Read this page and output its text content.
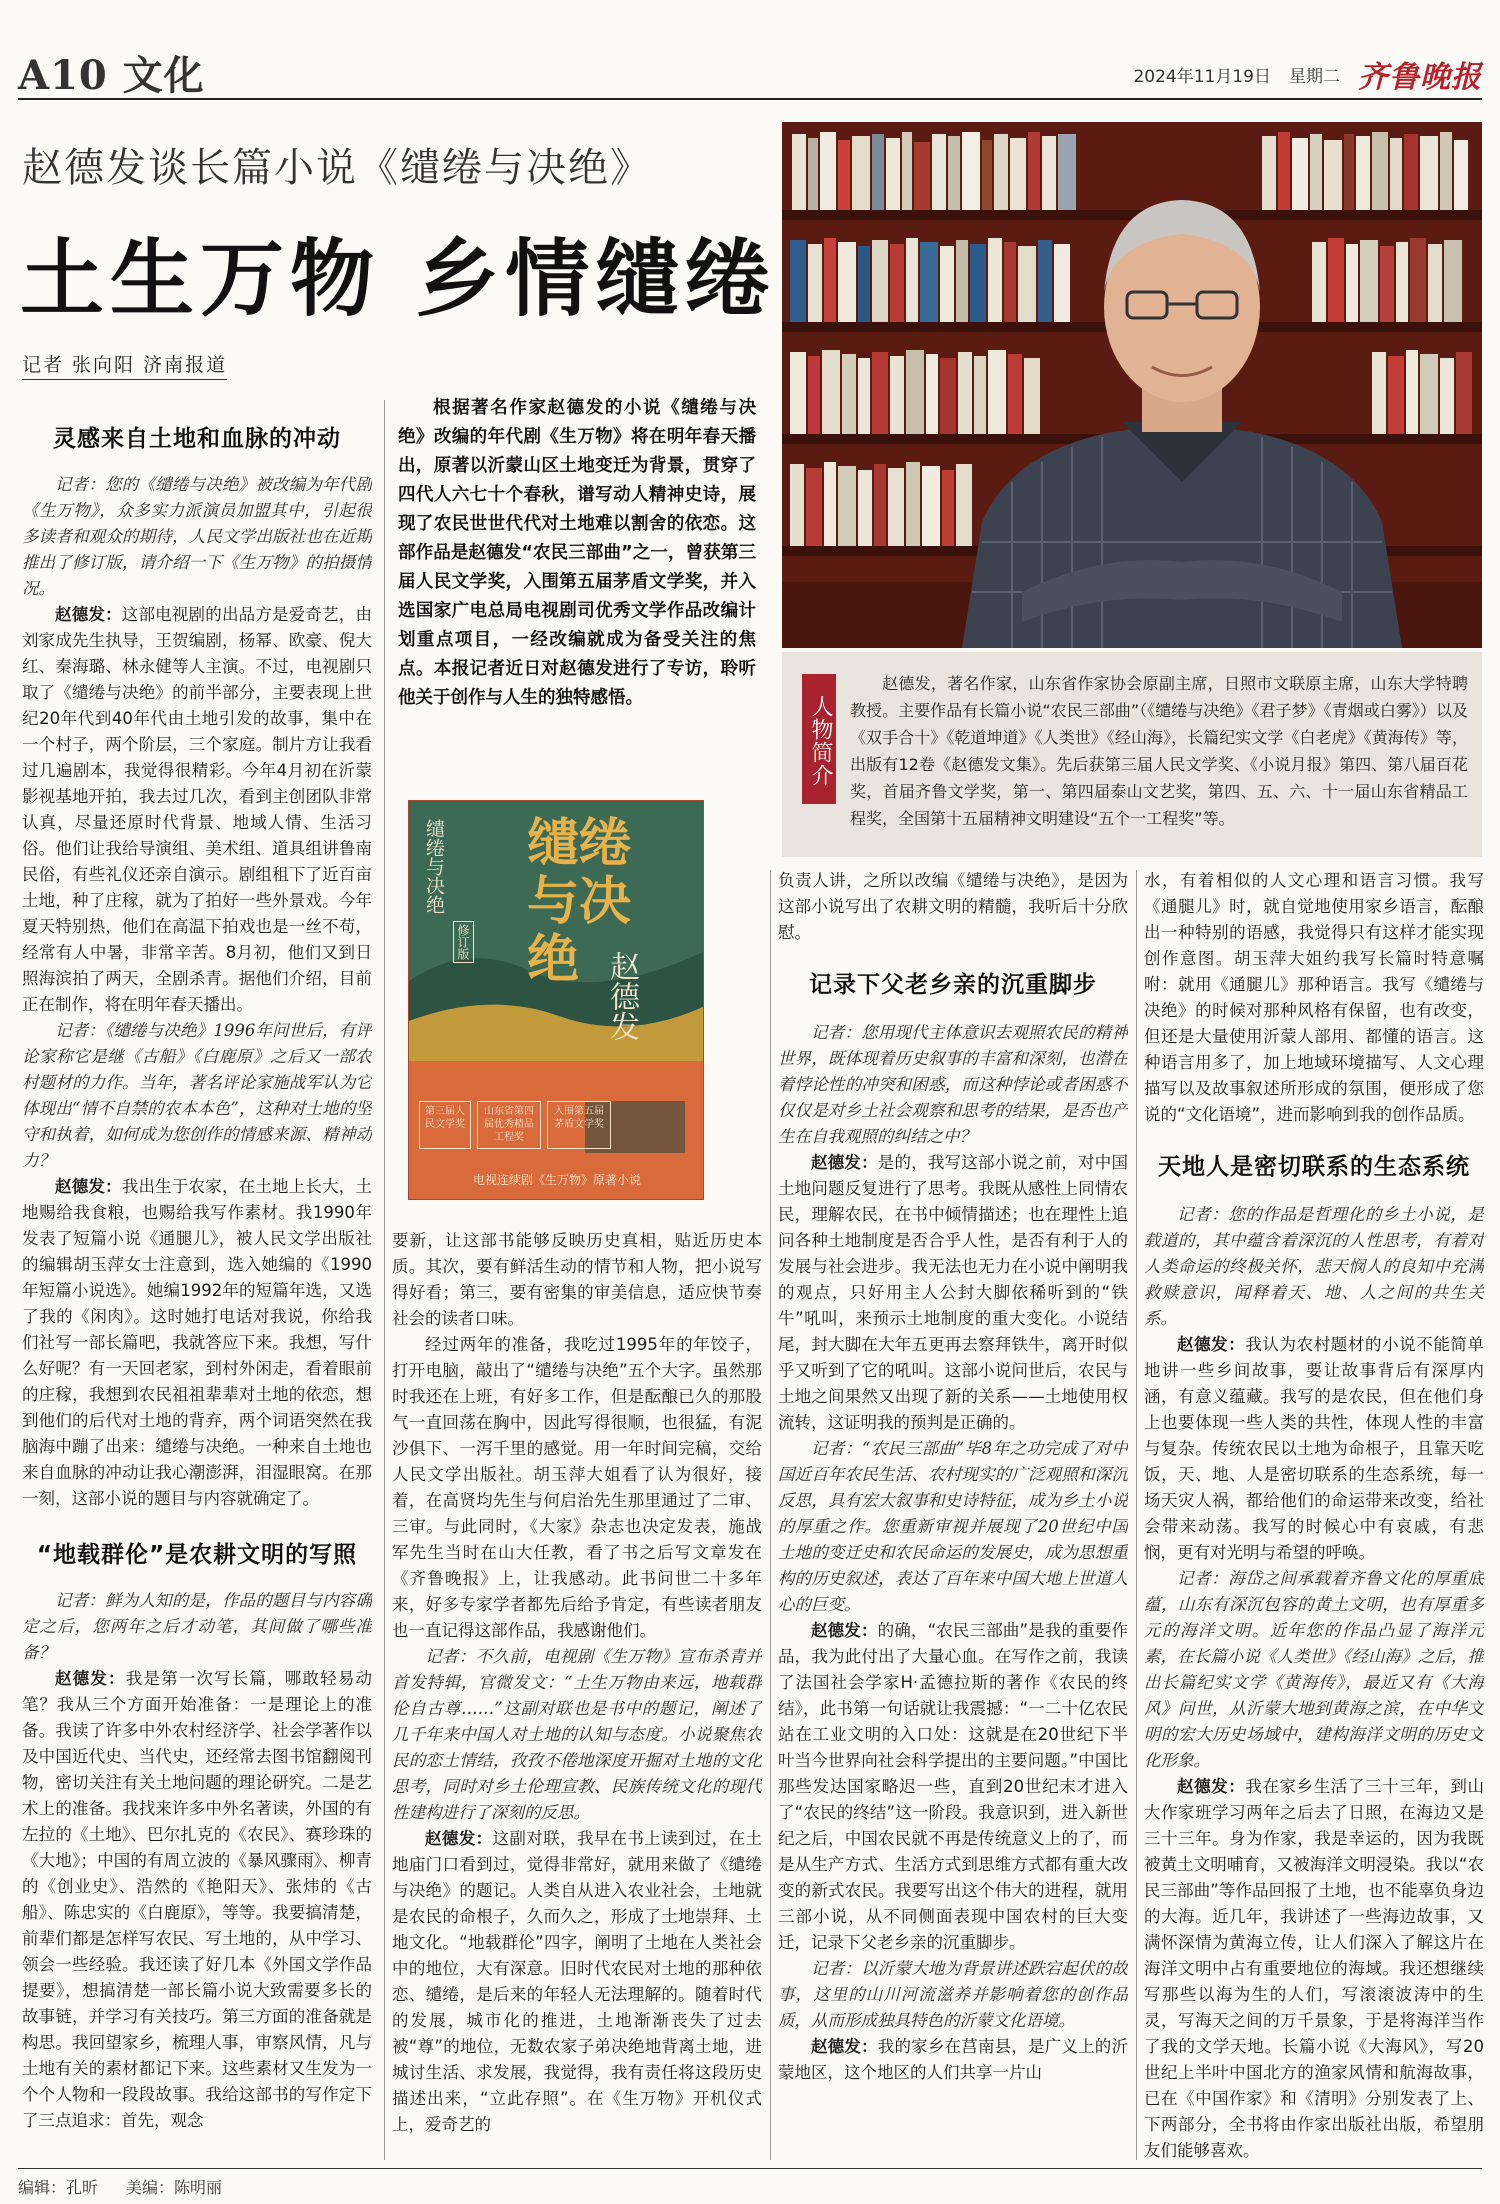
A10 文化	2024年11月19日 星期二 齐鲁晚报
赵德发谈长篇小说《缱绻与决绝》
土生万物 乡情缱绻
记者 张向阳 济南报道
人物简介
赵德发，著名作家，山东省作家协会原副主席，日照市文联原主席，山东大学特聘教授。主要作品有长篇小说“农民三部曲”（《缱绻与决绝》《君子梦》《青烟或白雾》）以及《双手合十》《乾道坤道》《人类世》《经山海》，长篇纪实文学《白老虎》《黄海传》等，出版有12卷《赵德发文集》。先后获第三届人民文学奖、《小说月报》第四、第八届百花奖，首届齐鲁文学奖，第一、第四届泰山文艺奖，第四、五、六、十一届山东省精品工程奖，全国第十五届精神文明建设“五个一工程奖”等。
灵感来自土地和血脉的冲动

记者：您的《缱绻与决绝》被改编为年代剧《生万物》，众多实力派演员加盟其中，引起很多读者和观众的期待，人民文学出版社也在近期推出了修订版，请介绍一下《生万物》的拍摄情况。

赵德发：这部电视剧的出品方是爱奇艺，由刘家成先生执导，王贺编剧，杨幂、欧豪、倪大红、秦海璐、林永健等人主演。不过，电视剧只取了《缱绻与决绝》的前半部分，主要表现上世纪20年代到40年代由土地引发的故事，集中在一个村子，两个阶层，三个家庭。制片方让我看过几遍剧本，我觉得很精彩。今年4月初在沂蒙影视基地开拍，我去过几次，看到主创团队非常认真，尽量还原时代背景、地域人情、生活习俗。他们让我给导演组、美术组、道具组讲鲁南民俗，有些礼仪还亲自演示。剧组租下了近百亩土地，种了庄稼，就为了拍好一些外景戏。今年夏天特别热，他们在高温下拍戏也是一丝不苟，经常有人中暑，非常辛苦。8月初，他们又到日照海滨拍了两天，全剧杀青。据他们介绍，目前正在制作，将在明年春天播出。

记者：《缱绻与决绝》1996年问世后，有评论家称它是继《古船》《白鹿原》之后又一部农村题材的力作。当年，著名评论家施战军认为它体现出“情不自禁的农本本色”，这种对土地的坚守和执着，如何成为您创作的情感来源、精神动力？

赵德发：我出生于农家，在土地上长大，土地赐给我食粮，也赐给我写作素材。我1990年发表了短篇小说《通腿儿》，被人民文学出版社的编辑胡玉萍女士注意到，选入她编的《1990年短篇小说选》。她编1992年的短篇年选，又选了我的《闲肉》。这时她打电话对我说，你给我们社写一部长篇吧，我就答应下来。我想，写什么好呢？有一天回老家，到村外闲走，看着眼前的庄稼，我想到农民祖祖辈辈对土地的依恋，想到他们的后代对土地的背弃，两个词语突然在我脑海中蹦了出来：缱绻与决绝。一种来自土地也来自血脉的冲动让我心潮澎湃，泪湿眼窝。在那一刻，这部小说的题目与内容就确定了。

“地载群伦”是农耕文明的写照

记者：鲜为人知的是，作品的题目与内容确定之后，您两年之后才动笔，其间做了哪些准备？

赵德发：我是第一次写长篇，哪敢轻易动笔？我从三个方面开始准备：一是理论上的准备。我读了许多中外农村经济学、社会学著作以及中国近代史、当代史，还经常去图书馆翻阅刊物，密切关注有关土地问题的理论研究。二是艺术上的准备。我找来许多中外名著读，外国的有左拉的《土地》、巴尔扎克的《农民》、赛珍珠的《大地》；中国的有周立波的《暴风骤雨》、柳青的《创业史》、浩然的《艳阳天》、张炜的《古船》、陈忠实的《白鹿原》，等等。我要搞清楚，前辈们都是怎样写农民、写土地的，从中学习、领会一些经验。我还读了好几本《外国文学作品提要》，想搞清楚一部长篇小说大致需要多长的故事链，并学习有关技巧。第三方面的准备就是构思。我回望家乡，梳理人事，审察风情，凡与土地有关的素材都记下来。这些素材又生发为一个个人物和一段段故事。我给这部书的写作定下了三点追求：首先，观念

根据著名作家赵德发的小说《缱绻与决绝》改编的年代剧《生万物》将在明年春天播出，原著以沂蒙山区土地变迁为背景，贯穿了四代人六七十个春秋，谱写动人精神史诗，展现了农民世世代代对土地难以割舍的依恋。这部作品是赵德发“农民三部曲”之一，曾获第三届人民文学奖，入围第五届茅盾文学奖，并入选国家广电总局电视剧司优秀文学作品改编计划重点项目，一经改编就成为备受关注的焦点。本报记者近日对赵德发进行了专访，聆听他关于创作与人生的独特感悟。
缱绻与决绝
缱绻与决绝
修订版
赵德发
第三届人民文学奖
山东省第四届优秀精品工程奖
入围第五届茅盾文学奖
电视连续剧《生万物》原著小说

要新，让这部书能够反映历史真相，贴近历史本质。其次，要有鲜活生动的情节和人物，把小说写得好看；第三，要有密集的审美信息，适应快节奏社会的读者口味。

经过两年的准备，我吃过1995年的年饺子，打开电脑，敲出了“缱绻与决绝”五个大字。虽然那时我还在上班，有好多工作，但是酝酿已久的那股气一直回荡在胸中，因此写得很顺，也很猛，有泥沙俱下、一泻千里的感觉。用一年时间完稿，交给人民文学出版社。胡玉萍大姐看了认为很好，接着，在高贤均先生与何启治先生那里通过了二审、三审。与此同时，《大家》杂志也决定发表，施战军先生当时在山大任教，看了书之后写文章发在《齐鲁晚报》上，让我感动。此书问世二十多年来，好多专家学者都先后给予肯定，有些读者朋友也一直记得这部作品，我感谢他们。

记者：不久前，电视剧《生万物》宣布杀青并首发特辑，官微发文：“土生万物由来远，地载群伦自古尊……”这副对联也是书中的题记，阐述了几千年来中国人对土地的认知与态度。小说聚焦农民的恋土情结，孜孜不倦地深度开掘对土地的文化思考，同时对乡土伦理宣教、民族传统文化的现代性建构进行了深刻的反思。

赵德发：这副对联，我早在书上读到过，在土地庙门口看到过，觉得非常好，就用来做了《缱绻与决绝》的题记。人类自从进入农业社会，土地就是农民的命根子，久而久之，形成了土地崇拜、土地文化。“地载群伦”四字，阐明了土地在人类社会中的地位，大有深意。旧时代农民对土地的那种依恋、缱绻，是后来的年轻人无法理解的。随着时代的发展，城市化的推进，土地渐渐丧失了过去被“尊”的地位，无数农家子弟决绝地背离土地，进城讨生活、求发展，我觉得，我有责任将这段历史描述出来，“立此存照”。在《生万物》开机仪式上，爱奇艺的

负责人讲，之所以改编《缱绻与决绝》，是因为这部小说写出了农耕文明的精髓，我听后十分欣慰。

记录下父老乡亲的沉重脚步

记者：您用现代主体意识去观照农民的精神世界，既体现着历史叙事的丰富和深刻，也潜在着悖论性的冲突和困惑，而这种悖论或者困惑不仅仅是对乡土社会观察和思考的结果，是否也产生在自我观照的纠结之中？

赵德发：是的，我写这部小说之前，对中国土地问题反复进行了思考。我既从感性上同情农民，理解农民，在书中倾情描述；也在理性上追问各种土地制度是否合乎人性，是否有利于人的发展与社会进步。我无法也无力在小说中阐明我的观点，只好用主人公封大脚依稀听到的“铁牛”吼叫，来预示土地制度的重大变化。小说结尾，封大脚在大年五更再去察拜铁牛，离开时似乎又听到了它的吼叫。这部小说问世后，农民与土地之间果然又出现了新的关系——土地使用权流转，这证明我的预判是正确的。

记者：“农民三部曲”毕8年之功完成了对中国近百年农民生活、农村现实的广泛观照和深沉反思，具有宏大叙事和史诗特征，成为乡土小说的厚重之作。您重新审视并展现了20世纪中国土地的变迁史和农民命运的发展史，成为思想重构的历史叙述，表达了百年来中国大地上世道人心的巨变。

赵德发：的确，“农民三部曲”是我的重要作品，我为此付出了大量心血。在写作之前，我读了法国社会学家H·孟德拉斯的著作《农民的终结》，此书第一句话就让我震撼：“一二十亿农民站在工业文明的入口处：这就是在20世纪下半叶当今世界向社会科学提出的主要问题。”中国比那些发达国家略迟一些，直到20世纪末才进入了“农民的终结”这一阶段。我意识到，进入新世纪之后，中国农民就不再是传统意义上的了，而是从生产方式、生活方式到思维方式都有重大改变的新式农民。我要写出这个伟大的进程，就用三部小说，从不同侧面表现中国农村的巨大变迁，记录下父老乡亲的沉重脚步。

记者：以沂蒙大地为背景讲述跌宕起伏的故事，这里的山川河流滋养并影响着您的创作品质，从而形成独具特色的沂蒙文化语境。

赵德发：我的家乡在莒南县，是广义上的沂蒙地区，这个地区的人们共享一片山

水，有着相似的人文心理和语言习惯。我写《通腿儿》时，就自觉地使用家乡语言，酝酿出一种特别的语感，我觉得只有这样才能实现创作意图。胡玉萍大姐约我写长篇时特意嘱咐：就用《通腿儿》那种语言。我写《缱绻与决绝》的时候对那种风格有保留，也有改变，但还是大量使用沂蒙人部用、都懂的语言。这种语言用多了，加上地域环境描写、人文心理描写以及故事叙述所形成的氛围，便形成了您说的“文化语境”，进而影响到我的创作品质。

天地人是密切联系的生态系统

记者：您的作品是哲理化的乡土小说，是载道的，其中蕴含着深沉的人性思考，有着对人类命运的终极关怀，悲天悯人的良知中充满救赎意识，闻释着天、地、人之间的共生关系。

赵德发：我认为农村题材的小说不能简单地讲一些乡间故事，要让故事背后有深厚内涵，有意义蕴藏。我写的是农民，但在他们身上也要体现一些人类的共性，体现人性的丰富与复杂。传统农民以土地为命根子，且靠天吃饭，天、地、人是密切联系的生态系统，每一场天灾人祸，都给他们的命运带来改变，给社会带来动荡。我写的时候心中有哀戚，有悲悯，更有对光明与希望的呼唤。

记者：海岱之间承载着齐鲁文化的厚重底蕴，山东有深沉包容的黄土文明，也有厚重多元的海洋文明。近年您的作品凸显了海洋元素，在长篇小说《人类世》《经山海》之后，推出长篇纪实文学《黄海传》，最近又有《大海风》问世，从沂蒙大地到黄海之滨，在中华文明的宏大历史场域中，建构海洋文明的历史文化形象。

赵德发：我在家乡生活了三十三年，到山大作家班学习两年之后去了日照，在海边又是三十三年。身为作家，我是幸运的，因为我既被黄土文明哺育，又被海洋文明浸染。我以“农民三部曲”等作品回报了土地，也不能辜负身边的大海。近几年，我讲述了一些海边故事，又满怀深情为黄海立传，让人们深入了解这片在海洋文明中占有重要地位的海域。我还想继续写那些以海为生的人们，写滚滚波涛中的生灵，写海天之间的万千景象，于是将海洋当作了我的文学天地。长篇小说《大海风》，写20世纪上半叶中国北方的渔家风情和航海故事，已在《中国作家》和《清明》分别发表了上、下两部分，全书将由作家出版社出版，希望朋友们能够喜欢。

编辑：孔昕 美编：陈明丽
